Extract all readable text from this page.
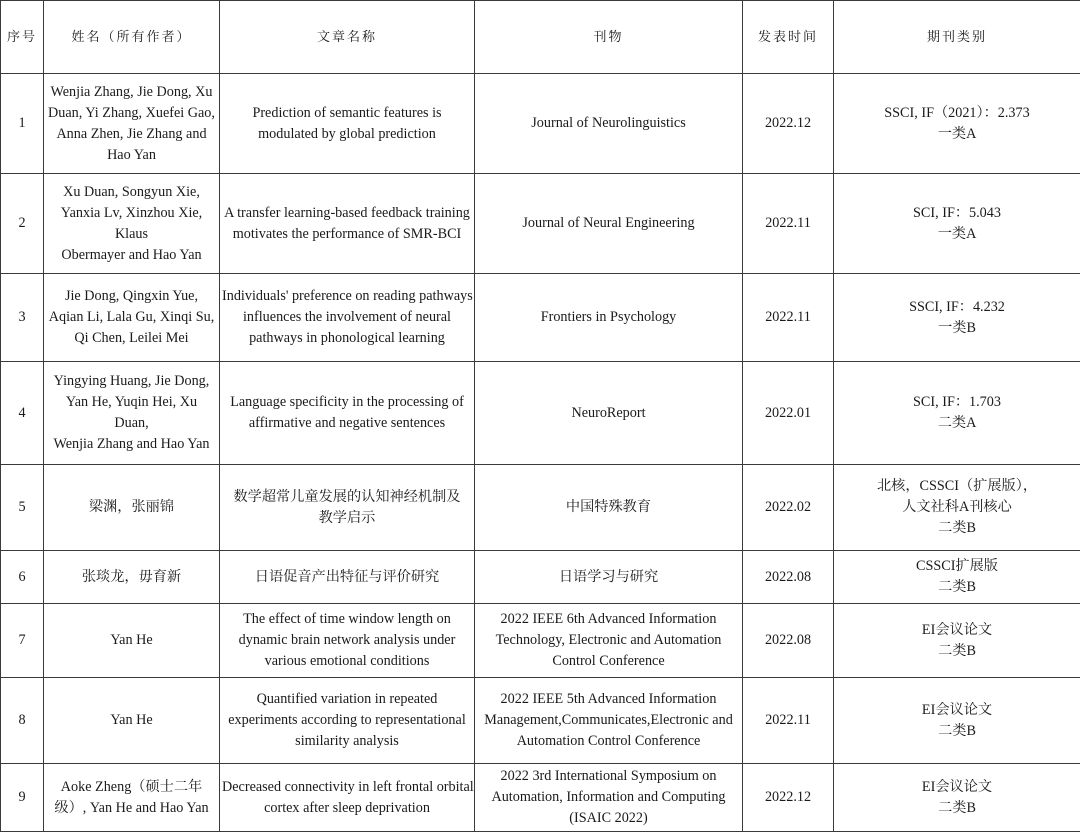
序号	姓名（所有作者）	文章名称	刊物	发表时间	期刊类别
1	Wenjia Zhang, Jie Dong, Xu
Duan, Yi Zhang, Xuefei Gao,
Anna Zhen, Jie Zhang and
Hao Yan	Prediction of semantic features is
modulated by global prediction	Journal of Neurolinguistics	2022.12	SSCI, IF（2021）：2.373
一类A

2	Xu Duan, Songyun Xie,
Yanxia Lv, Xinzhou Xie,
Klaus
Obermayer and Hao Yan	A transfer learning-based feedback training
motivates the performance of SMR-BCI	Journal of Neural Engineering	2022.11	SCI, IF：5.043
一类A

3	Jie Dong, Qingxin Yue,
Aqian Li, Lala Gu, Xinqi Su,
Qi Chen, Leilei Mei	Individuals' preference on reading pathways
influences the involvement of neural
pathways in phonological learning	Frontiers in Psychology	2022.11	SSCI, IF：4.232
一类B

4	Yingying Huang, Jie Dong,
Yan He, Yuqin Hei, Xu
Duan,
Wenjia Zhang and Hao Yan	Language specificity in the processing of
affirmative and negative sentences	NeuroReport	2022.01	SCI, IF：1.703
二类A

5	梁渊，张丽锦	数学超常儿童发展的认知神经机制及
教学启示	中国特殊教育	2022.02	北核，CSSCI（扩展版），
人文社科A刊核心
二类B

6	张琰龙，毋育新	日语促音产出特征与评价研究	日语学习与研究	2022.08	CSSCI扩展版
二类B

7	Yan He	The effect of time window length on
dynamic brain network analysis under
various emotional conditions	2022 IEEE 6th Advanced Information
Technology, Electronic and Automation
Control Conference	2022.08	EI会议论文
二类B

8	Yan He	Quantified variation in repeated
experiments according to representational
similarity analysis	2022 IEEE 5th Advanced Information
Management,Communicates,Electronic and
Automation Control Conference	2022.11	EI会议论文
二类B

9	Aoke Zheng（硕士二年
级）, Yan He and Hao Yan	Decreased connectivity in left frontal orbital
cortex after sleep deprivation	2022 3rd International Symposium on
Automation, Information and Computing
(ISAIC 2022)	2022.12	EI会议论文
二类B
